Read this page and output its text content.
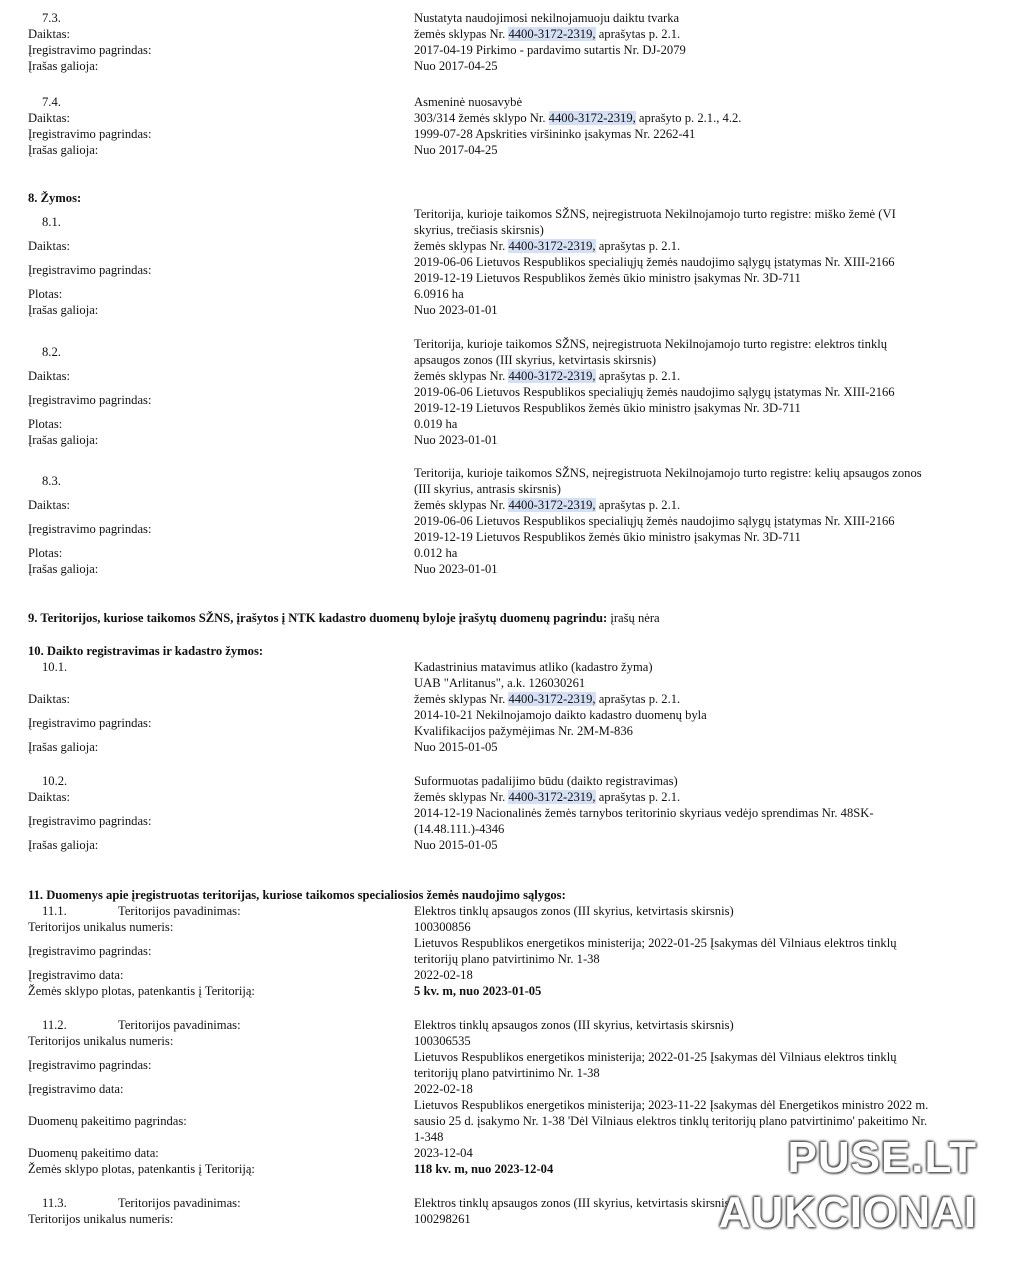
7.3.	Nustatyta naudojimosi nekilnojamuoju daiktu tvarka
Daiktas:	žemės sklypas Nr. 4400-3172-2319, aprašytas p. 2.1.
Įregistravimo pagrindas:	2017-04-19 Pirkimo - pardavimo sutartis Nr. DJ-2079
Įrašas galioja:	Nuo 2017-04-25
7.4.	Asmeninė nuosavybė
Daiktas:	303/314 žemės sklypo Nr. 4400-3172-2319, aprašyto p. 2.1., 4.2.
Įregistravimo pagrindas:	1999-07-28 Apskrities viršininko įsakymas Nr. 2262-41
Įrašas galioja:	Nuo 2017-04-25
8. Žymos:
8.1.
Teritorija, kurioje taikomos SŽNS, neįregistruota Nekilnojamojo turto registre: miško žemė (VI
skyrius, trečiasis skirsnis)
Daiktas:	žemės sklypas Nr. 4400-3172-2319, aprašytas p. 2.1.
Įregistravimo pagrindas:
2019-06-06 Lietuvos Respublikos specialiųjų žemės naudojimo sąlygų įstatymas Nr. XIII-2166
2019-12-19 Lietuvos Respublikos žemės ūkio ministro įsakymas Nr. 3D-711
Plotas:	6.0916 ha
Įrašas galioja:	Nuo 2023-01-01
8.2.
Teritorija, kurioje taikomos SŽNS, neįregistruota Nekilnojamojo turto registre: elektros tinklų
apsaugos zonos (III skyrius, ketvirtasis skirsnis)
Daiktas:	žemės sklypas Nr. 4400-3172-2319, aprašytas p. 2.1.
Įregistravimo pagrindas:
2019-06-06 Lietuvos Respublikos specialiųjų žemės naudojimo sąlygų įstatymas Nr. XIII-2166
2019-12-19 Lietuvos Respublikos žemės ūkio ministro įsakymas Nr. 3D-711
Plotas:	0.019 ha
Įrašas galioja:	Nuo 2023-01-01
8.3.
Teritorija, kurioje taikomos SŽNS, neįregistruota Nekilnojamojo turto registre: kelių apsaugos zonos
(III skyrius, antrasis skirsnis)
Daiktas:	žemės sklypas Nr. 4400-3172-2319, aprašytas p. 2.1.
Įregistravimo pagrindas:
2019-06-06 Lietuvos Respublikos specialiųjų žemės naudojimo sąlygų įstatymas Nr. XIII-2166
2019-12-19 Lietuvos Respublikos žemės ūkio ministro įsakymas Nr. 3D-711
Plotas:	0.012 ha
Įrašas galioja:	Nuo 2023-01-01
9. Teritorijos, kuriose taikomos SŽNS, įrašytos į NTK kadastro duomenų byloje įrašytų duomenų pagrindu: įrašų nėra
10. Daikto registravimas ir kadastro žymos:
10.1.	Kadastrinius matavimus atliko (kadastro žyma)
UAB "Arlitanus", a.k. 126030261
Daiktas:	žemės sklypas Nr. 4400-3172-2319, aprašytas p. 2.1.
Įregistravimo pagrindas:
2014-10-21 Nekilnojamojo daikto kadastro duomenų byla
Kvalifikacijos pažymėjimas Nr. 2M-M-836
Įrašas galioja:	Nuo 2015-01-05
10.2.	Suformuotas padalijimo būdu (daikto registravimas)
Daiktas:	žemės sklypas Nr. 4400-3172-2319, aprašytas p. 2.1.
Įregistravimo pagrindas:
2014-12-19 Nacionalinės žemės tarnybos teritorinio skyriaus vedėjo sprendimas Nr. 48SK-
(14.48.111.)-4346
Įrašas galioja:	Nuo 2015-01-05
11. Duomenys apie įregistruotas teritorijas, kuriose taikomos specialiosios žemės naudojimo sąlygos:
11.1.	Teritorijos pavadinimas:	Elektros tinklų apsaugos zonos (III skyrius, ketvirtasis skirsnis)
Teritorijos unikalus numeris:	100300856
Įregistravimo pagrindas:
Lietuvos Respublikos energetikos ministerija; 2022-01-25 Įsakymas dėl Vilniaus elektros tinklų
teritorijų plano patvirtinimo Nr. 1-38
Įregistravimo data:	2022-02-18
Žemės sklypo plotas, patenkantis į Teritoriją:	5 kv. m, nuo 2023-01-05
11.2.	Teritorijos pavadinimas:	Elektros tinklų apsaugos zonos (III skyrius, ketvirtasis skirsnis)
Teritorijos unikalus numeris:	100306535
Įregistravimo pagrindas:
Lietuvos Respublikos energetikos ministerija; 2022-01-25 Įsakymas dėl Vilniaus elektros tinklų
teritorijų plano patvirtinimo Nr. 1-38
Įregistravimo data:	2022-02-18
Duomenų pakeitimo pagrindas:
Lietuvos Respublikos energetikos ministerija; 2023-11-22 Įsakymas dėl Energetikos ministro 2022 m.
sausio 25 d. įsakymo Nr. 1-38 'Dėl Vilniaus elektros tinklų teritorijų plano patvirtinimo' pakeitimo Nr.
1-348
Duomenų pakeitimo data:	2023-12-04
Žemės sklypo plotas, patenkantis į Teritoriją:	118 kv. m, nuo 2023-12-04
11.3.	Teritorijos pavadinimas:	Elektros tinklų apsaugos zonos (III skyrius, ketvirtasis skirsnis)
Teritorijos unikalus numeris:	100298261
PUSE.LT
AUKCIONAI
